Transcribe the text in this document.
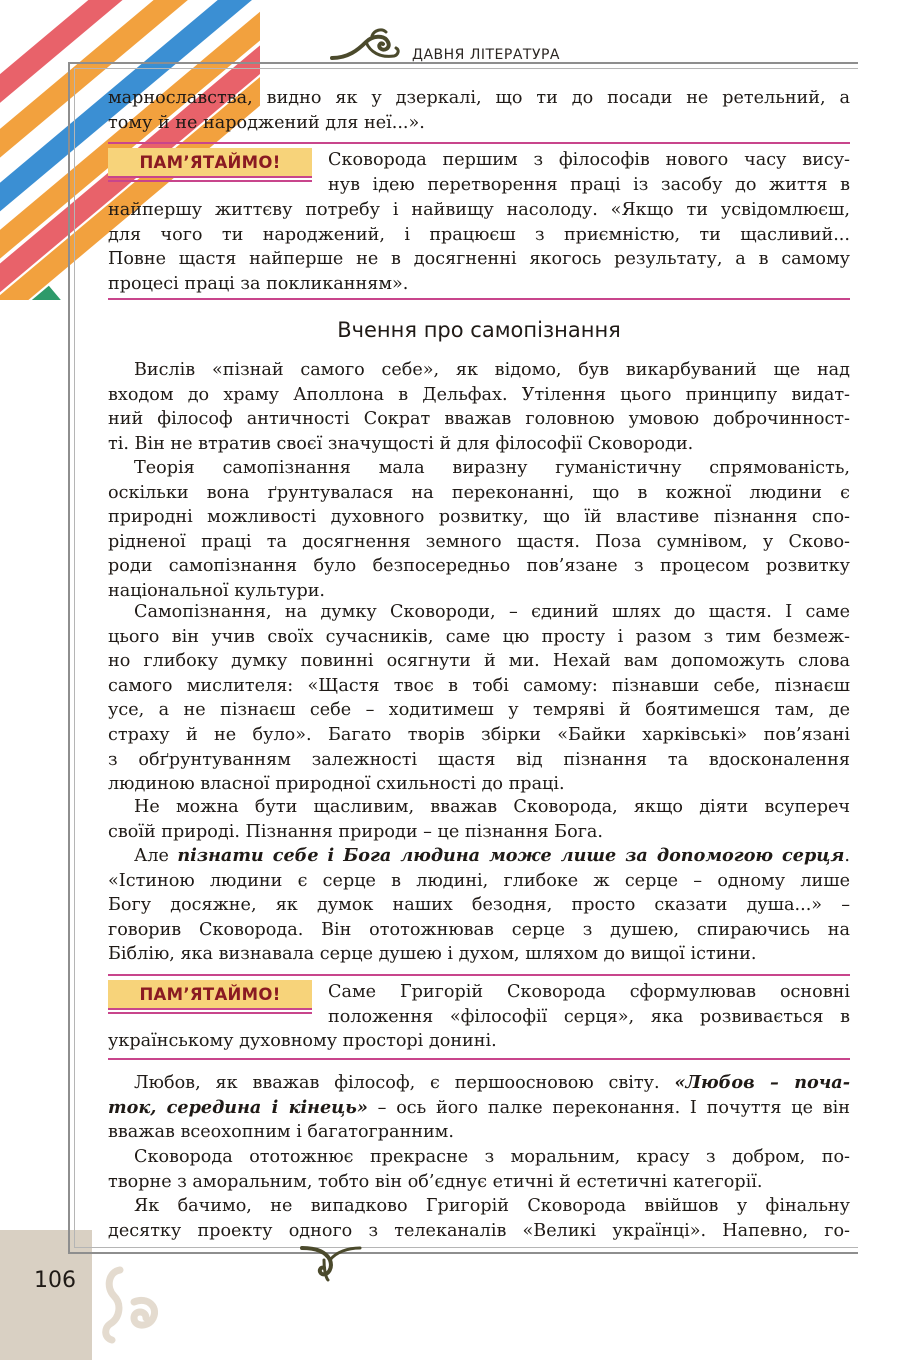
ДАВНЯ ЛІТЕРАТУРА
марнославства, видно як у дзеркалі, що ти до посади не ретельний, а
тому й не народжений для неї...».
ПАМ’ЯТАЙМО!	Сковорода першим з філософів нового часу вису-
нув ідею перетворення праці із засобу до життя в
найпершу життєву потребу і найвищу насолоду. «Якщо ти усвідомлюєш,
для чого ти народжений, і працюєш з приємністю, ти щасливий...
Повне щастя найперше не в досягненні якогось результату, а в самому
процесі праці за покликанням».
Вчення про самопізнання
Вислів «пізнай самого себе», як відомо, був викарбуваний ще над
входом до храму Аполлона в Дельфах. Утілення цього принципу видат-
ний філософ античності Сократ вважав головною умовою доброчинност-
ті. Він не втратив своєї значущості й для філософії Сковороди.
Теорія самопізнання мала виразну гуманістичну спрямованість,
оскільки вона ґрунтувалася на переконанні, що в кожної людини є
природні можливості духовного розвитку, що їй властиве пізнання спо-
рідненої праці та досягнення земного щастя. Поза сумнівом, у Сково-
роди самопізнання було безпосередньо пов’язане з процесом розвитку
національної культури.
Самопізнання, на думку Сковороди, – єдиний шлях до щастя. І саме
цього він учив своїх сучасників, саме цю просту і разом з тим безмеж-
но глибоку думку повинні осягнути й ми. Нехай вам допоможуть слова
самого мислителя: «Щастя твоє в тобі самому: пізнавши себе, пізнаєш
усе, а не пізнаєш себе – ходитимеш у темряві й боятимешся там, де
страху й не було». Багато творів збірки «Байки харківські» пов’язані
з обґрунтуванням залежності щастя від пізнання та вдосконалення
людиною власної природної схильності до праці.
Не можна бути щасливим, вважав Сковорода, якщо діяти всупереч
своїй природі. Пізнання природи – це пізнання Бога.
Але пізнати себе і Бога людина може лише за допомогою серця.
«Істиною людини є серце в людині, глибоке ж серце – одному лише
Богу досяжне, як думок наших безодня, просто сказати душа...» –
говорив Сковорода. Він ототожнював серце з душею, спираючись на
Біблію, яка визнавала серце душею і духом, шляхом до вищої істини.
ПАМ’ЯТАЙМО!	Саме Григорій Сковорода сформулював основні
положення «філософії серця», яка розвивається в
українському духовному просторі донині.
Любов, як вважав філософ, є першоосновою світу. «Любов – поча-
ток, середина і кінець» – ось його палке переконання. І почуття це він
вважав всеохопним і багатогранним.
Сковорода ототожнює прекрасне з моральним, красу з добром, по-
творне з аморальним, тобто він об’єднує етичні й естетичні категорії.
Як бачимо, не випадково Григорій Сковорода ввійшов у фінальну
десятку проекту одного з телеканалів «Великі українці». Напевно, го-
106
